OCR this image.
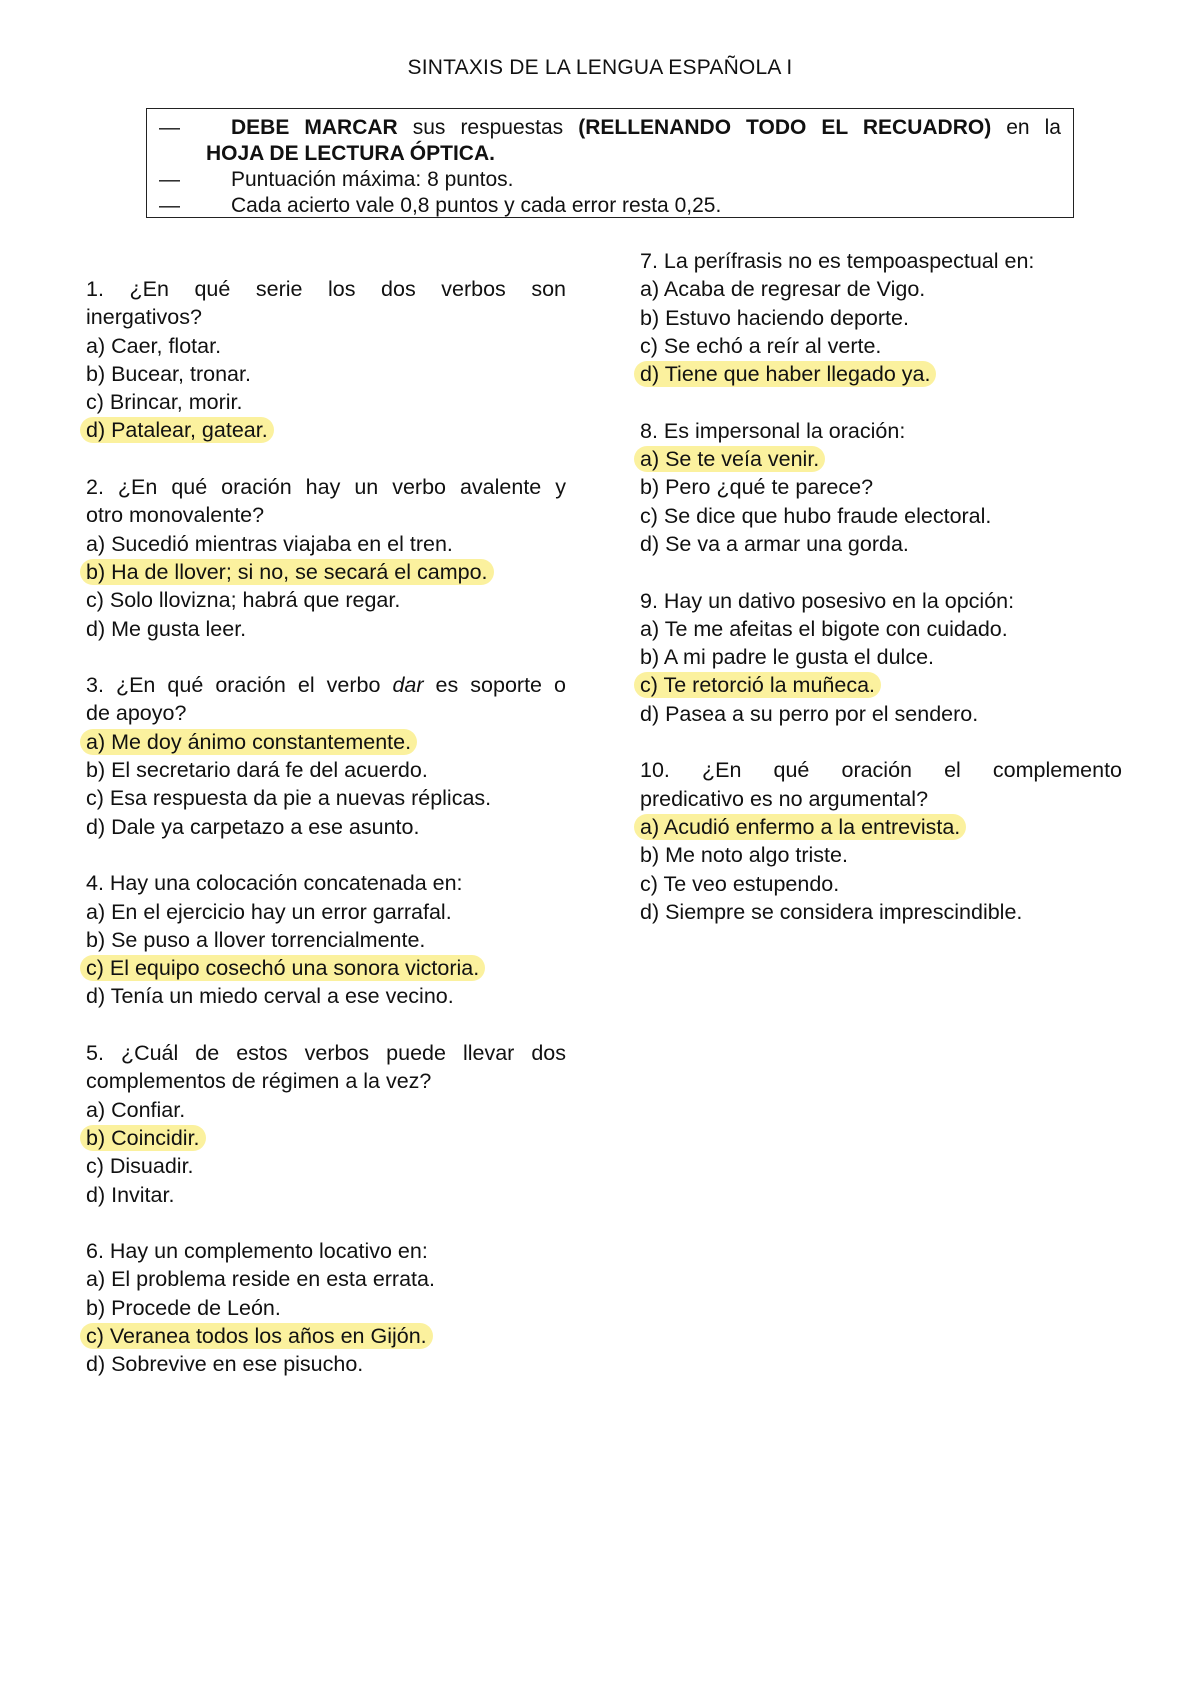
SINTAXIS DE LA LENGUA ESPAÑOLA I
—	DEBE MARCAR sus respuestas (RELLENANDO TODO EL RECUADRO) en la
HOJA DE LECTURA ÓPTICA.
—	Puntuación máxima: 8 puntos.
—	Cada acierto vale 0,8 puntos y cada error resta 0,25.
1. ¿En qué serie los dos verbos son
inergativos?
a) Caer, flotar.
b) Bucear, tronar.
c) Brincar, morir.
d) Patalear, gatear.
2. ¿En qué oración hay un verbo avalente y
otro monovalente?
a) Sucedió mientras viajaba en el tren.
b) Ha de llover; si no, se secará el campo.
c) Solo llovizna; habrá que regar.
d) Me gusta leer.
3. ¿En qué oración el verbo dar es soporte o
de apoyo?
a) Me doy ánimo constantemente.
b) El secretario dará fe del acuerdo.
c) Esa respuesta da pie a nuevas réplicas.
d) Dale ya carpetazo a ese asunto.
4. Hay una colocación concatenada en:
a) En el ejercicio hay un error garrafal.
b) Se puso a llover torrencialmente.
c) El equipo cosechó una sonora victoria.
d) Tenía un miedo cerval a ese vecino.
5. ¿Cuál de estos verbos puede llevar dos
complementos de régimen a la vez?
a) Confiar.
b) Coincidir.
c) Disuadir.
d) Invitar.
6. Hay un complemento locativo en:
a) El problema reside en esta errata.
b) Procede de León.
c) Veranea todos los años en Gijón.
d) Sobrevive en ese pisucho.
7. La perífrasis no es tempoaspectual en:
a) Acaba de regresar de Vigo.
b) Estuvo haciendo deporte.
c) Se echó a reír al verte.
d) Tiene que haber llegado ya.
8. Es impersonal la oración:
a) Se te veía venir.
b) Pero ¿qué te parece?
c) Se dice que hubo fraude electoral.
d) Se va a armar una gorda.
9. Hay un dativo posesivo en la opción:
a) Te me afeitas el bigote con cuidado.
b) A mi padre le gusta el dulce.
c) Te retorció la muñeca.
d) Pasea a su perro por el sendero.
10. ¿En qué oración el complemento
predicativo es no argumental?
a) Acudió enfermo a la entrevista.
b) Me noto algo triste.
c) Te veo estupendo.
d) Siempre se considera imprescindible.
